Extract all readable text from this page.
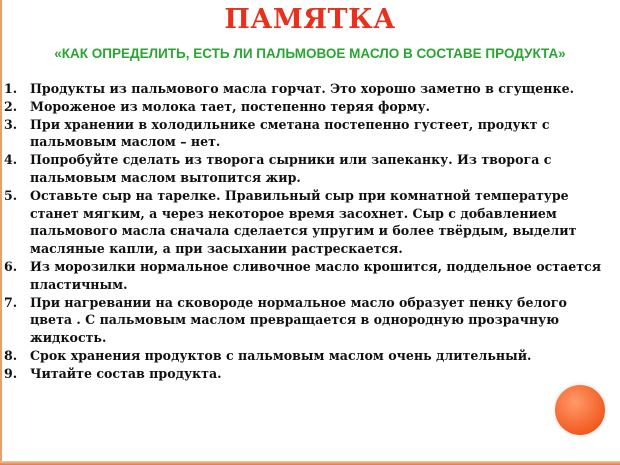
ПАМЯТКА
«КАК ОПРЕДЕЛИТЬ, ЕСТЬ ЛИ ПАЛЬМОВОЕ МАСЛО В СОСТАВЕ ПРОДУКТА»
1. Продукты из пальмового масла горчат. Это хорошо заметно в сгущенке.
2. Мороженое из молока тает, постепенно теряя форму.
3. При хранении в холодильнике сметана постепенно густеет, продукт с пальмовым маслом – нет.
4. Попробуйте сделать из творога сырники или запеканку. Из творога с пальмовым маслом вытопится жир.
5. Оставьте сыр на тарелке. Правильный сыр при комнатной температуре станет мягким, а через некоторое время засохнет. Сыр с добавлением пальмового масла сначала сделается упругим и более твёрдым, выделит масляные капли, а при засыхании растрескается.
6. Из морозилки нормальное сливочное масло крошится, поддельное остается пластичным.
7. При нагревании на сковороде нормальное масло образует пенку белого цвета . С пальмовым маслом превращается в однородную прозрачную жидкость.
8. Срок хранения продуктов с пальмовым маслом очень длительный.
9. Читайте состав продукта.
